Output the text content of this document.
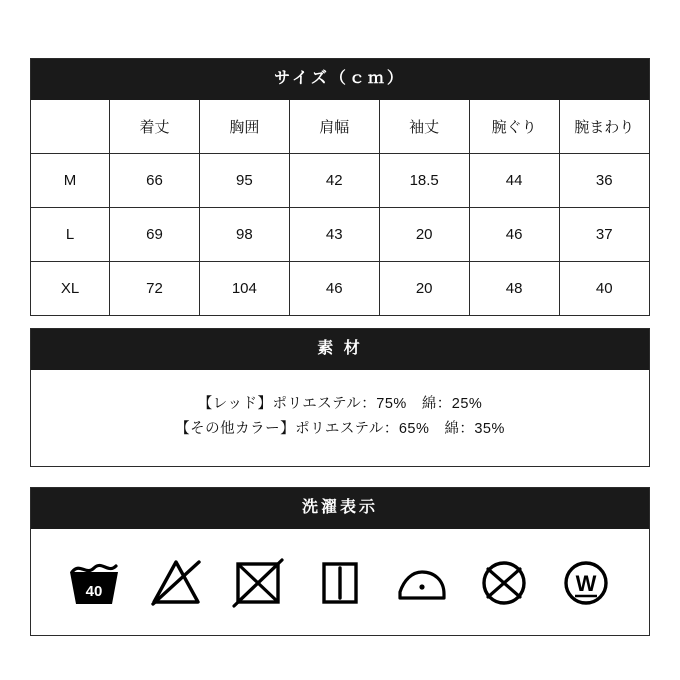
サイズ（ｃｍ）
	着丈	胸囲	肩幅	袖丈	腕ぐり	腕まわり
M	66	95	42	18.5	44	36
L	69	98	43	20	46	37
XL	72	104	46	20	48	40
素 材
【レッド】ポリエステル：75%　綿：25%
【その他カラー】ポリエステル：65%　綿：35%
洗濯表示
40	W
